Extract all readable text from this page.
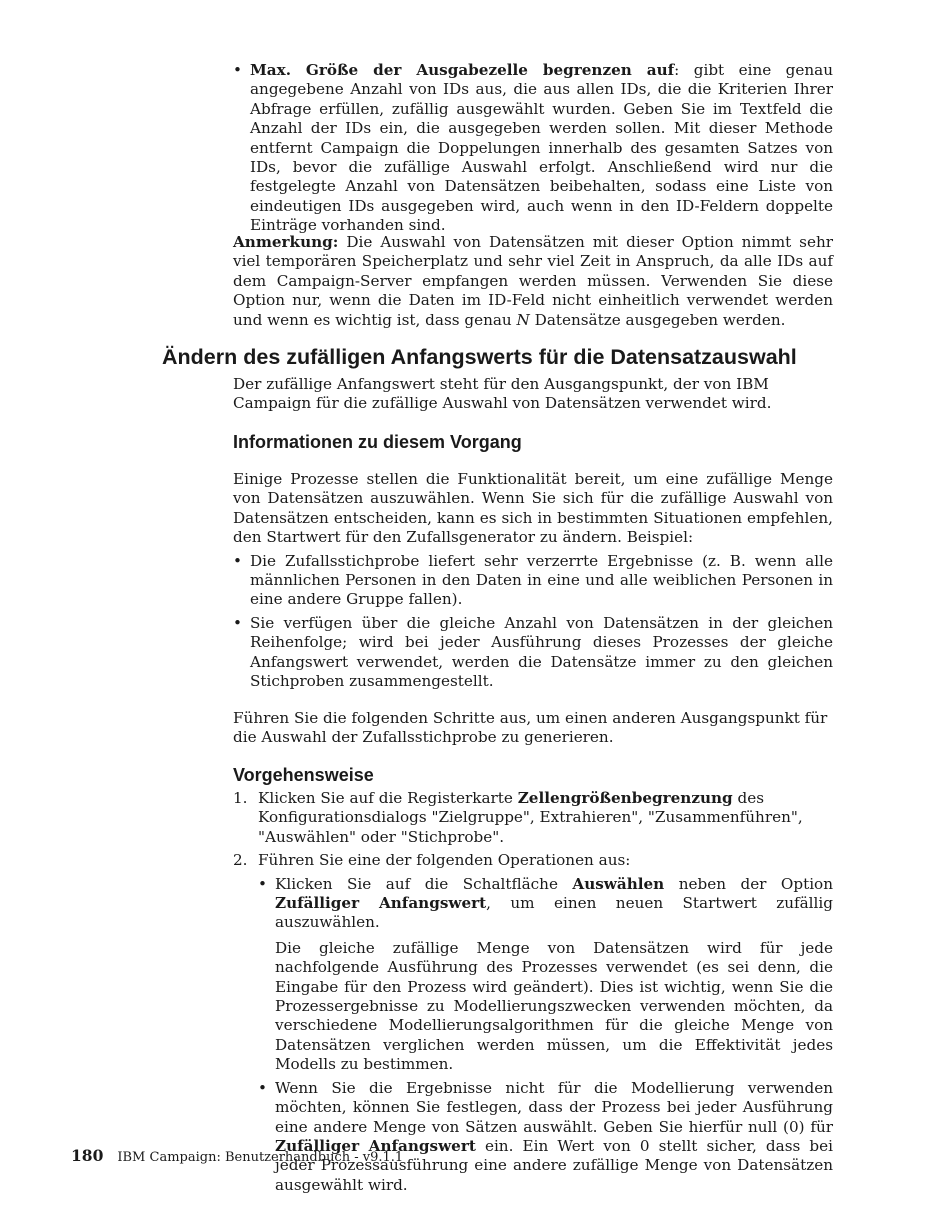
• Max. Größe der Ausgabezelle begrenzen auf: gibt eine genau angegebene Anzahl von IDs aus, die aus allen IDs, die die Kriterien Ihrer Abfrage erfüllen, zufällig ausgewählt wurden. Geben Sie im Textfeld die Anzahl der IDs ein, die ausgegeben werden sollen. Mit dieser Methode entfernt Campaign die Doppelungen innerhalb des gesamten Satzes von IDs, bevor die zufällige Auswahl erfolgt. Anschließend wird nur die festgelegte Anzahl von Datensätzen beibehalten, sodass eine Liste von eindeutigen IDs ausgegeben wird, auch wenn in den ID-Feldern doppelte Einträge vorhanden sind.

Anmerkung: Die Auswahl von Datensätzen mit dieser Option nimmt sehr viel temporären Speicherplatz und sehr viel Zeit in Anspruch, da alle IDs auf dem Campaign-Server empfangen werden müssen. Verwenden Sie diese Option nur, wenn die Daten im ID-Feld nicht einheitlich verwendet werden und wenn es wichtig ist, dass genau N Datensätze ausgegeben werden.

Ändern des zufälligen Anfangswerts für die Datensatzauswahl

Der zufällige Anfangswert steht für den Ausgangspunkt, der von IBM Campaign für die zufällige Auswahl von Datensätzen verwendet wird.

Informationen zu diesem Vorgang

Einige Prozesse stellen die Funktionalität bereit, um eine zufällige Menge von Datensätzen auszuwählen. Wenn Sie sich für die zufällige Auswahl von Datensätzen entscheiden, kann es sich in bestimmten Situationen empfehlen, den Startwert für den Zufallsgenerator zu ändern. Beispiel:

• Die Zufallsstichprobe liefert sehr verzerrte Ergebnisse (z. B. wenn alle männlichen Personen in den Daten in eine und alle weiblichen Personen in eine andere Gruppe fallen).

• Sie verfügen über die gleiche Anzahl von Datensätzen in der gleichen Reihenfolge; wird bei jeder Ausführung dieses Prozesses der gleiche Anfangswert verwendet, werden die Datensätze immer zu den gleichen Stichproben zusammengestellt.

Führen Sie die folgenden Schritte aus, um einen anderen Ausgangspunkt für die Auswahl der Zufallsstichprobe zu generieren.

Vorgehensweise

1. Klicken Sie auf die Registerkarte Zellengrößenbegrenzung des Konfigurationsdialogs "Zielgruppe", Extrahieren", "Zusammenführen", "Auswählen" oder "Stichprobe".

2. Führen Sie eine der folgenden Operationen aus:

• Klicken Sie auf die Schaltfläche Auswählen neben der Option Zufälliger Anfangswert, um einen neuen Startwert zufällig auszuwählen.

Die gleiche zufällige Menge von Datensätzen wird für jede nachfolgende Ausführung des Prozesses verwendet (es sei denn, die Eingabe für den Prozess wird geändert). Dies ist wichtig, wenn Sie die Prozessergebnisse zu Modellierungszwecken verwenden möchten, da verschiedene Modellierungsalgorithmen für die gleiche Menge von Datensätzen verglichen werden müssen, um die Effektivität jedes Modells zu bestimmen.

• Wenn Sie die Ergebnisse nicht für die Modellierung verwenden möchten, können Sie festlegen, dass der Prozess bei jeder Ausführung eine andere Menge von Sätzen auswählt. Geben Sie hierfür null (0) für Zufälliger Anfangswert ein. Ein Wert von 0 stellt sicher, dass bei jeder Prozessausführung eine andere zufällige Menge von Datensätzen ausgewählt wird.

180 IBM Campaign: Benutzerhandbuch - v9.1.1
